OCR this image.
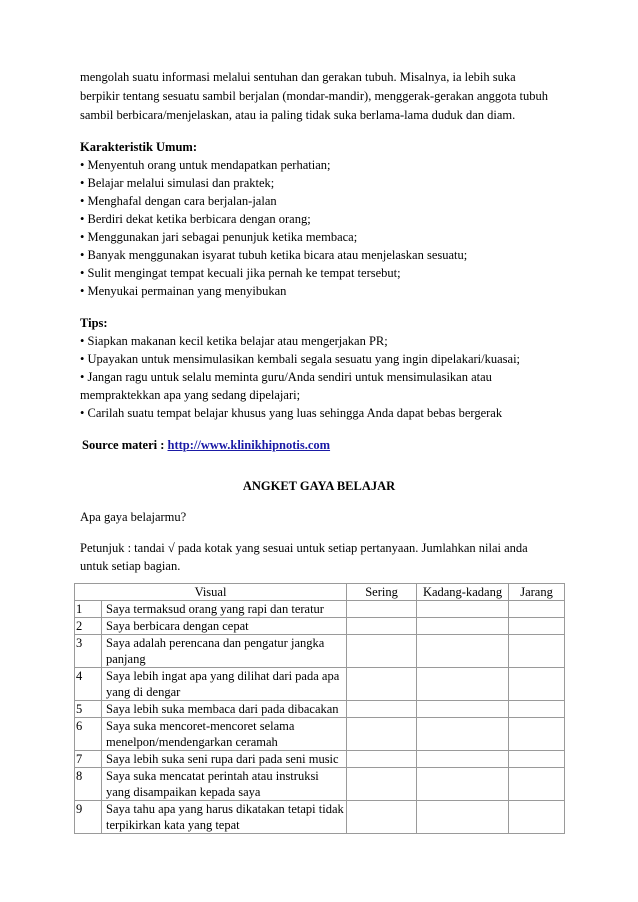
mengolah suatu informasi melalui sentuhan dan gerakan tubuh. Misalnya, ia lebih suka
berpikir tentang sesuatu sambil berjalan (mondar-mandir), menggerak-gerakan anggota tubuh
sambil berbicara/menjelaskan, atau ia paling tidak suka berlama-lama duduk dan diam.
Karakteristik Umum:
• Menyentuh orang untuk mendapatkan perhatian;
• Belajar melalui simulasi dan praktek;
• Menghafal dengan cara berjalan-jalan
• Berdiri dekat ketika berbicara dengan orang;
• Menggunakan jari sebagai penunjuk ketika membaca;
• Banyak menggunakan isyarat tubuh ketika bicara atau menjelaskan sesuatu;
• Sulit mengingat tempat kecuali jika pernah ke tempat tersebut;
• Menyukai permainan yang menyibukan
Tips:
• Siapkan makanan kecil ketika belajar atau mengerjakan PR;
• Upayakan untuk mensimulasikan kembali segala sesuatu yang ingin dipelakari/kuasai;
• Jangan ragu untuk selalu meminta guru/Anda sendiri untuk mensimulasikan atau
mempraktekkan apa yang sedang dipelajari;
• Carilah suatu tempat belajar khusus yang luas sehingga Anda dapat bebas bergerak
Source materi : http://www.klinikhipnotis.com
ANGKET GAYA BELAJAR
Apa gaya belajarmu?
Petunjuk : tandai √ pada kotak yang sesuai untuk setiap pertanyaan. Jumlahkan nilai anda
untuk setiap bagian.
Visual		Sering	Kadang-kadang	Jarang
1	Saya termaksud orang yang rapi dan teratur			
2	Saya berbicara dengan cepat			
3	Saya adalah perencana dan pengatur jangka panjang			
4	Saya lebih ingat apa yang dilihat dari pada apa yang di dengar			
5	Saya lebih suka membaca dari pada dibacakan			
6	Saya suka mencoret-mencoret selama menelpon/mendengarkan ceramah			
7	Saya lebih suka seni rupa dari pada seni music			
8	Saya suka mencatat perintah atau instruksi yang disampaikan kepada saya			
9	Saya tahu apa yang harus dikatakan tetapi tidak terpikirkan kata yang tepat			
